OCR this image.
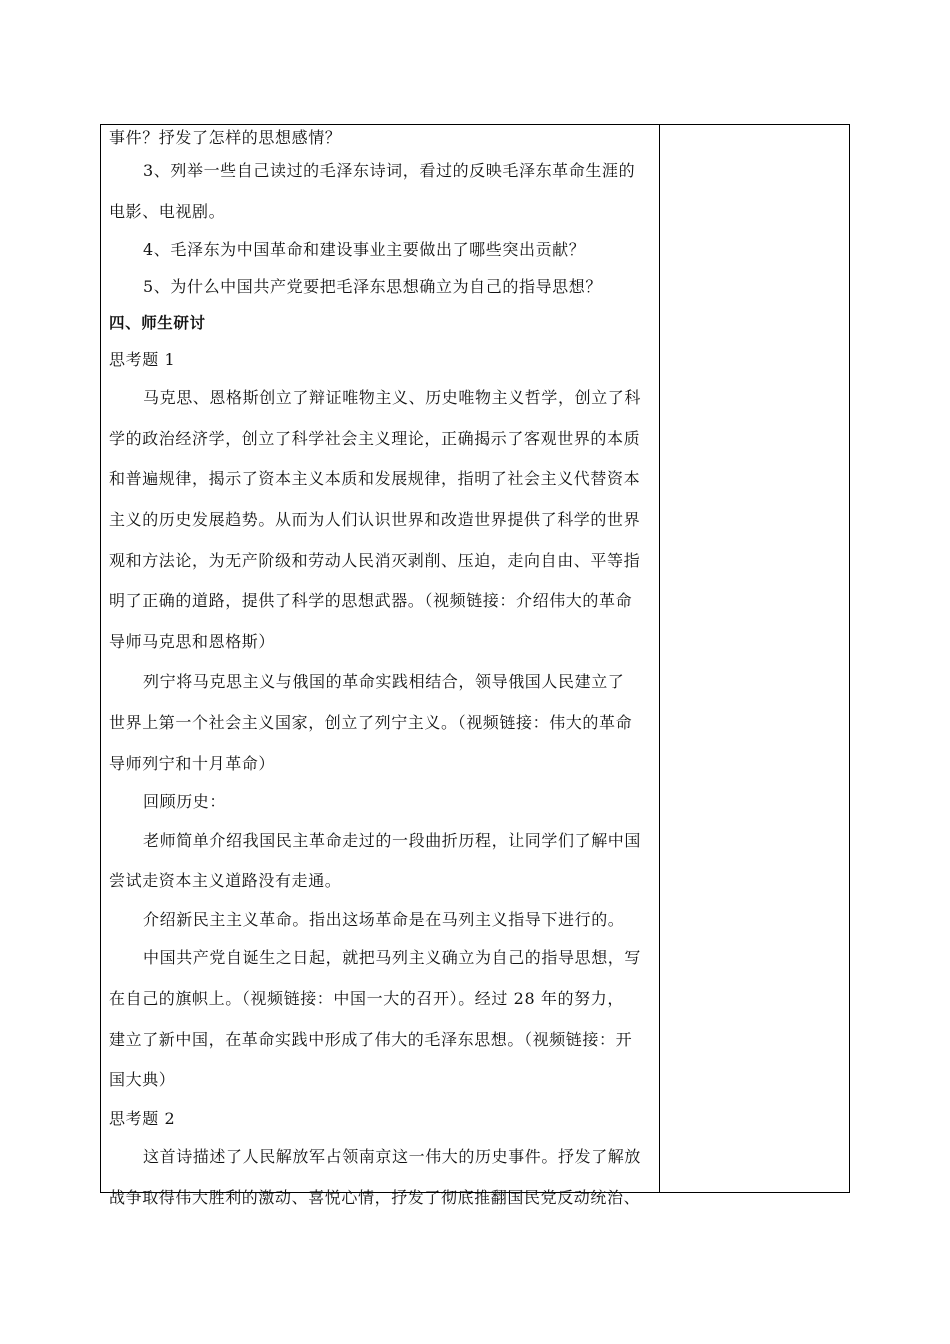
事件？抒发了怎样的思想感情？
3、列举一些自己读过的毛泽东诗词，看过的反映毛泽东革命生涯的
电影、电视剧。
4、毛泽东为中国革命和建设事业主要做出了哪些突出贡献？
5、为什么中国共产党要把毛泽东思想确立为自己的指导思想？
四、师生研讨
思考题 1
马克思、恩格斯创立了辩证唯物主义、历史唯物主义哲学，创立了科
学的政治经济学，创立了科学社会主义理论，正确揭示了客观世界的本质
和普遍规律，揭示了资本主义本质和发展规律，指明了社会主义代替资本
主义的历史发展趋势。从而为人们认识世界和改造世界提供了科学的世界
观和方法论，为无产阶级和劳动人民消灭剥削、压迫，走向自由、平等指
明了正确的道路，提供了科学的思想武器。（视频链接：介绍伟大的革命
导师马克思和恩格斯）
列宁将马克思主义与俄国的革命实践相结合，领导俄国人民建立了
世界上第一个社会主义国家，创立了列宁主义。（视频链接：伟大的革命
导师列宁和十月革命）
回顾历史：
老师简单介绍我国民主革命走过的一段曲折历程，让同学们了解中国
尝试走资本主义道路没有走通。
介绍新民主主义革命。指出这场革命是在马列主义指导下进行的。
中国共产党自诞生之日起，就把马列主义确立为自己的指导思想，写
在自己的旗帜上。（视频链接：中国一大的召开）。经过 28 年的努力，
建立了新中国，在革命实践中形成了伟大的毛泽东思想。（视频链接：开
国大典）
思考题 2
这首诗描述了人民解放军占领南京这一伟大的历史事件。抒发了解放
战争取得伟大胜利的激动、喜悦心情，抒发了彻底推翻国民党反动统治、
